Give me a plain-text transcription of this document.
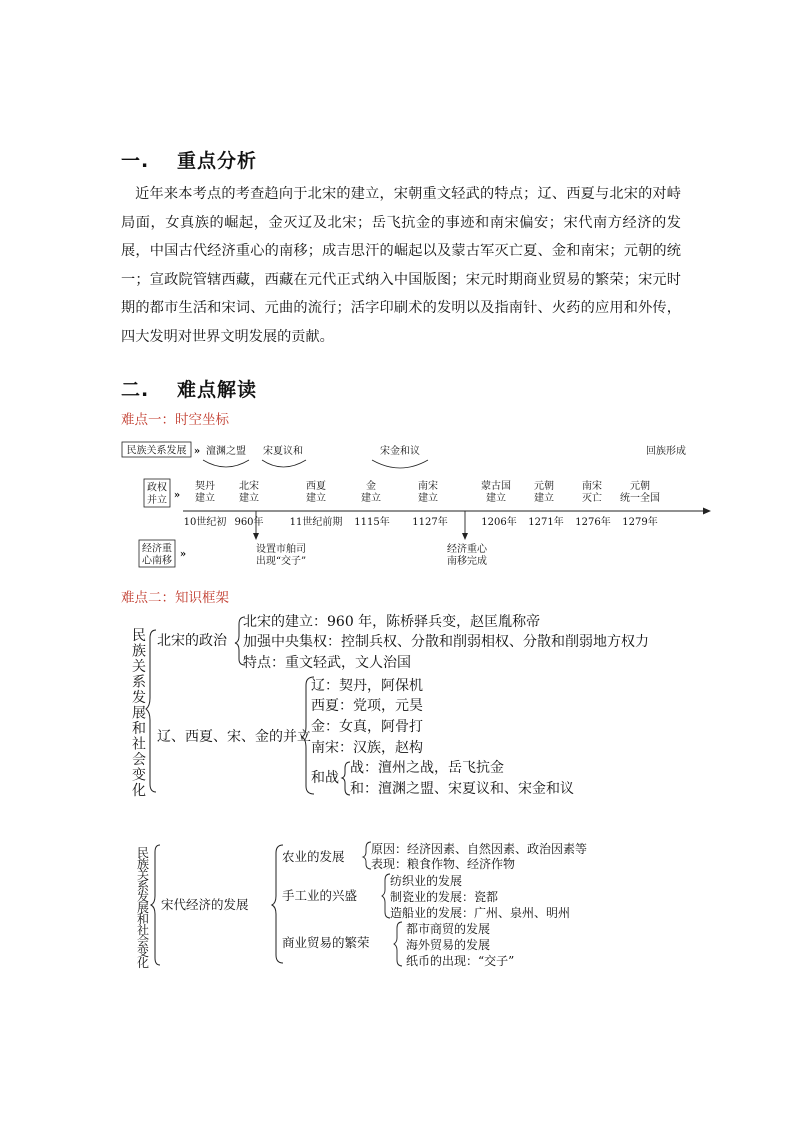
一. 重点分析
近年来本考点的考查趋向于北宋的建立，宋朝重文轻武的特点；辽、西夏与北宋的对峙局面，女真族的崛起，金灭辽及北宋；岳飞抗金的事迹和南宋偏安；宋代南方经济的发展，中国古代经济重心的南移；成吉思汗的崛起以及蒙古军灭亡夏、金和南宋；元朝的统一；宣政院管辖西藏，西藏在元代正式纳入中国版图；宋元时期商业贸易的繁荣；宋元时期的都市生活和宋词、元曲的流行；活字印刷术的发明以及指南针、火药的应用和外传，四大发明对世界文明发展的贡献。
二. 难点解读
难点一：时空坐标
民族关系发展 »
政权
并立 »
经济重
心南移
»
澶渊之盟 宋夏议和	宋金和议	回族形成
契丹
建立
北宋
建立
西夏
建立
金
建立
南宋
建立
蒙古国
建立
元朝
建立
南宋
灭亡
元朝
统一全国
10世纪初 960年	11世纪前期 1115年 1127年	1206年 1271年 1276年 1279年
设置市舶司
出现“交子”
经济重心
南移完成
难点二：知识框架
民
族
关
系
发
展
和
社
会
变
化
北宋的政治
北宋的建立：960 年，陈桥驿兵变，赵匡胤称帝
加强中央集权：控制兵权、分散和削弱相权、分散和削弱地方权力
特点：重文轻武，文人治国
辽、西夏、宋、金的并立
辽：契丹，阿保机
西夏：党项，元昊
金：女真，阿骨打
南宋：汉族，赵构
和战
战：澶州之战，岳飞抗金
和：澶渊之盟、宋夏议和、宋金和议
民
族
关
系
发
展
和
社
会
变
化
宋代经济的发展
农业的发展 原因：经济因素、自然因素、政治因素等
表现：粮食作物、经济作物
手工业的兴盛
纺织业的发展
制瓷业的发展：瓷都
造船业的发展：广州、泉州、明州
商业贸易的繁荣
都市商贸的发展
海外贸易的发展
纸币的出现：“交子”
